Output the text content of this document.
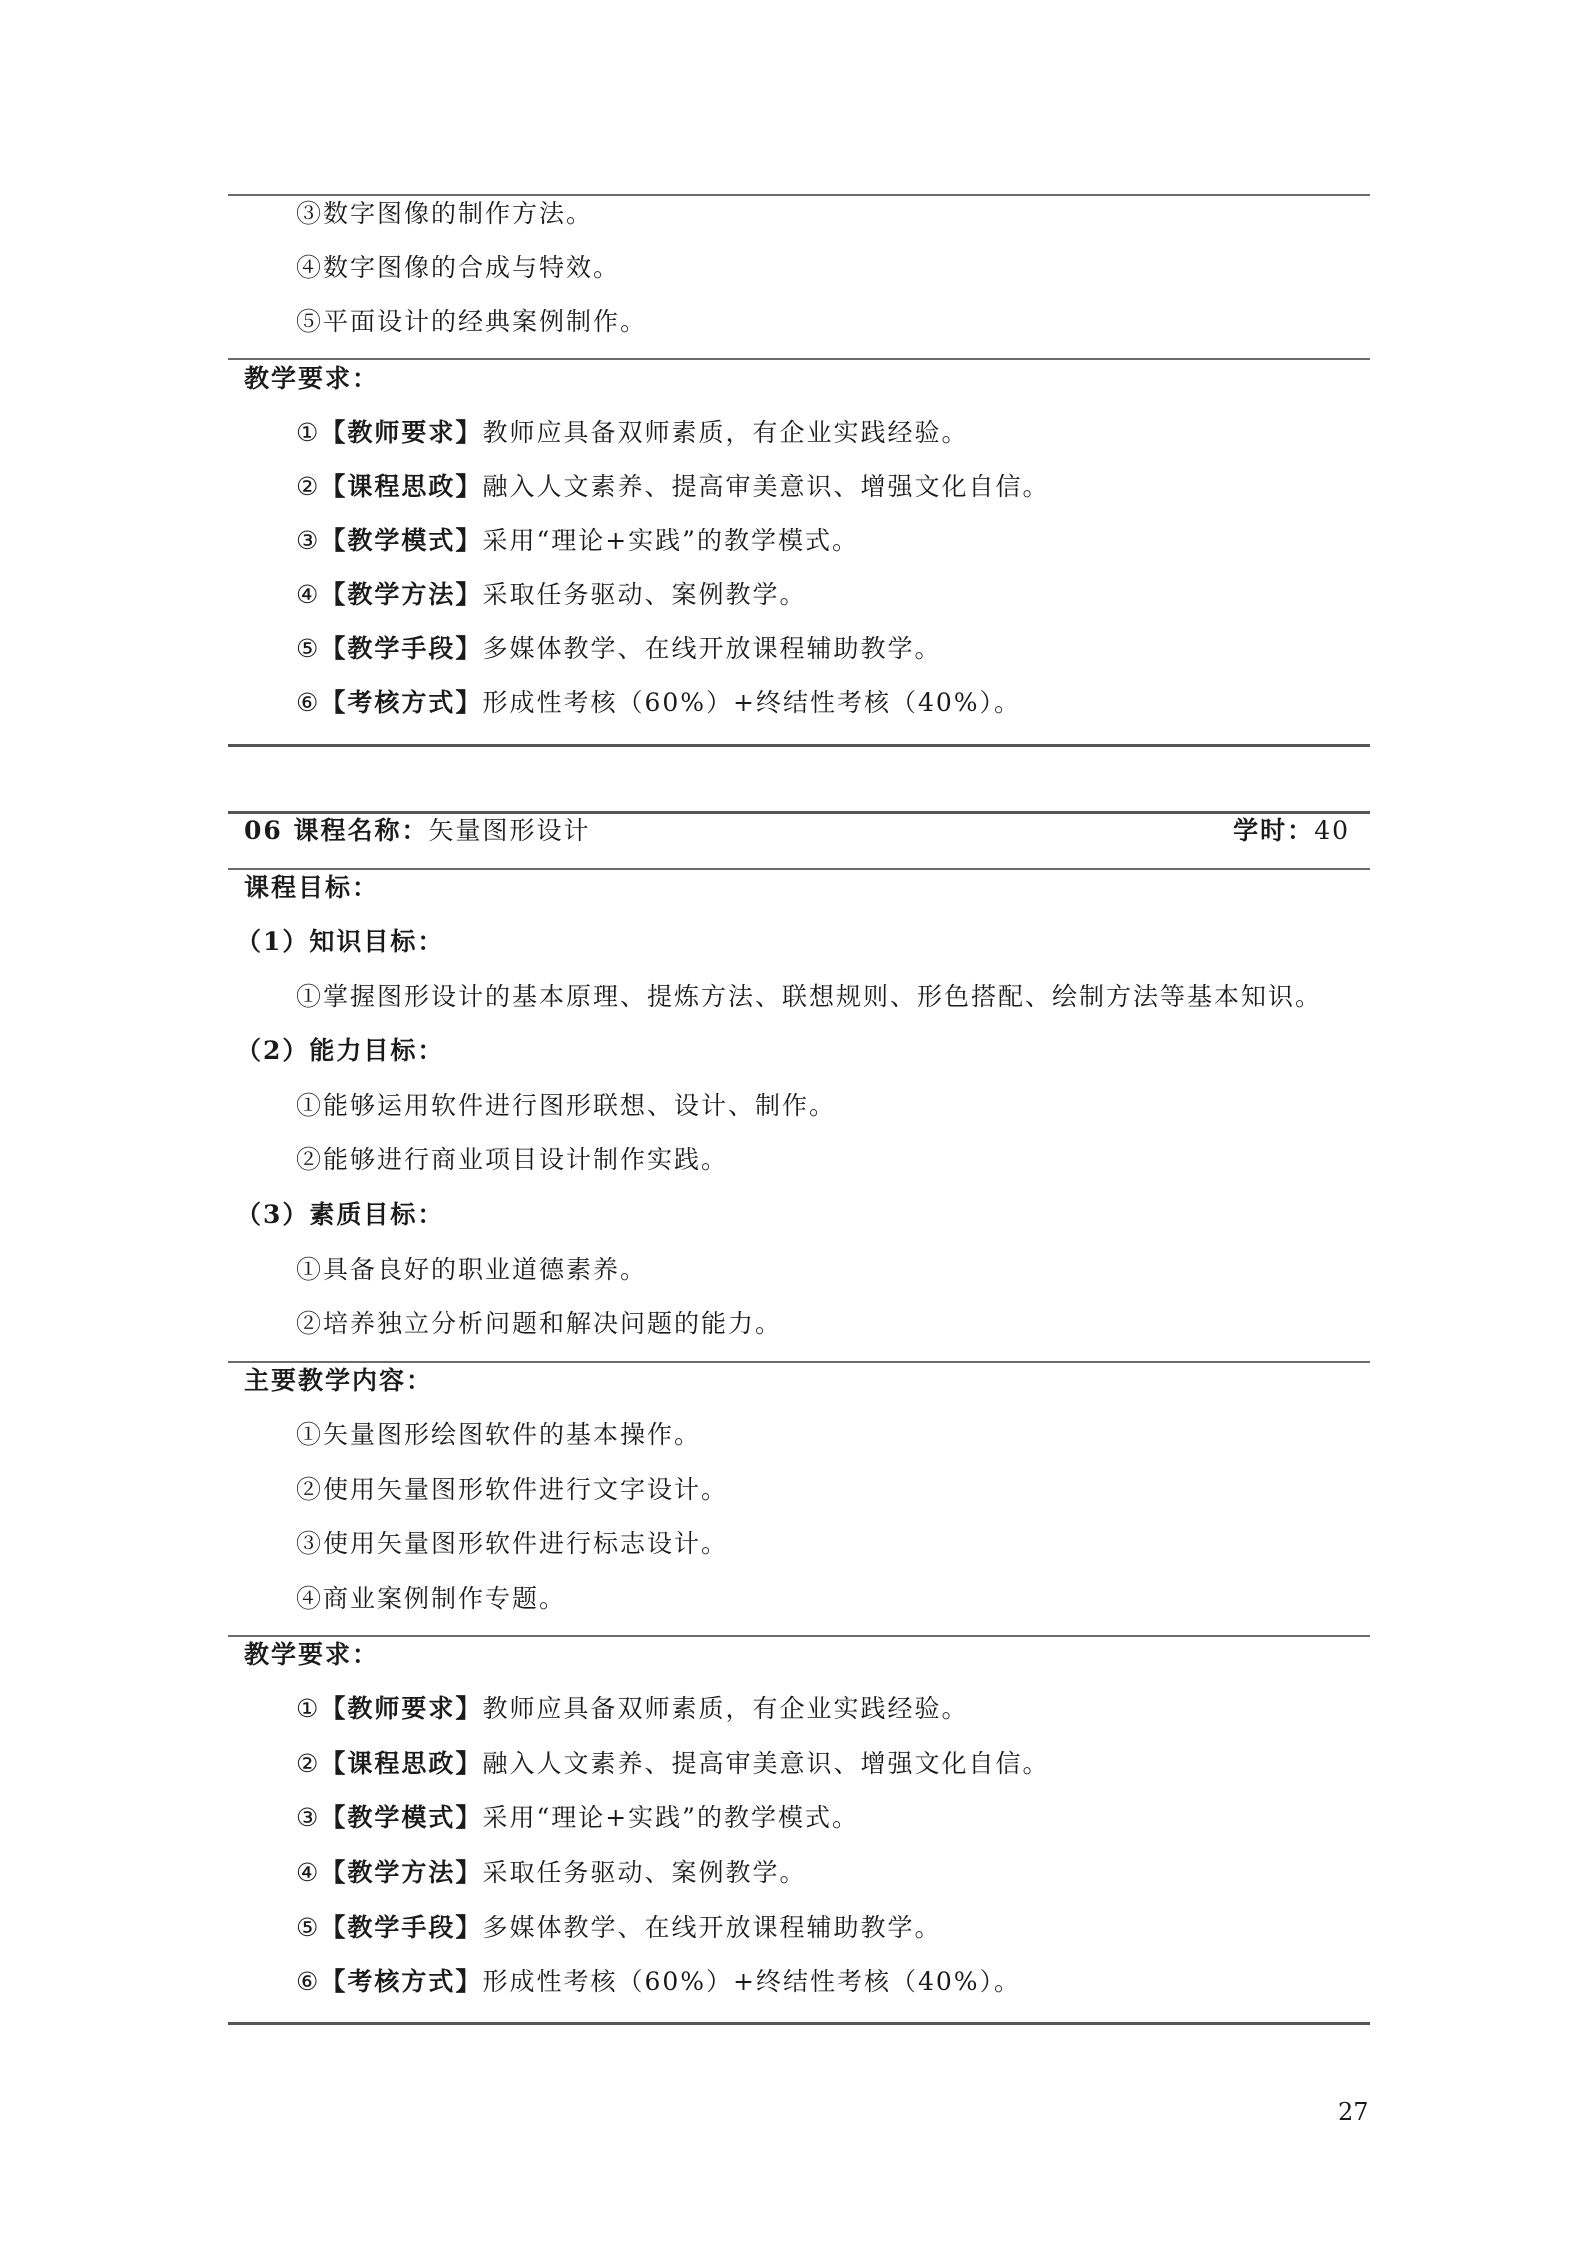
③数字图像的制作方法。
④数字图像的合成与特效。
⑤平面设计的经典案例制作。
教学要求：
①【教师要求】教师应具备双师素质，有企业实践经验。
②【课程思政】融入人文素养、提高审美意识、增强文化自信。
③【教学模式】采用“理论+实践”的教学模式。
④【教学方法】采取任务驱动、案例教学。
⑤【教学手段】多媒体教学、在线开放课程辅助教学。
⑥【考核方式】形成性考核（60%）+终结性考核（40%）。
06 课程名称：矢量图形设计	学时：40
课程目标：
（1）知识目标：
①掌握图形设计的基本原理、提炼方法、联想规则、形色搭配、绘制方法等基本知识。
（2）能力目标：
①能够运用软件进行图形联想、设计、制作。
②能够进行商业项目设计制作实践。
（3）素质目标：
①具备良好的职业道德素养。
②培养独立分析问题和解决问题的能力。
主要教学内容：
①矢量图形绘图软件的基本操作。
②使用矢量图形软件进行文字设计。
③使用矢量图形软件进行标志设计。
④商业案例制作专题。
教学要求：
①【教师要求】教师应具备双师素质，有企业实践经验。
②【课程思政】融入人文素养、提高审美意识、增强文化自信。
③【教学模式】采用“理论+实践”的教学模式。
④【教学方法】采取任务驱动、案例教学。
⑤【教学手段】多媒体教学、在线开放课程辅助教学。
⑥【考核方式】形成性考核（60%）+终结性考核（40%）。
27
